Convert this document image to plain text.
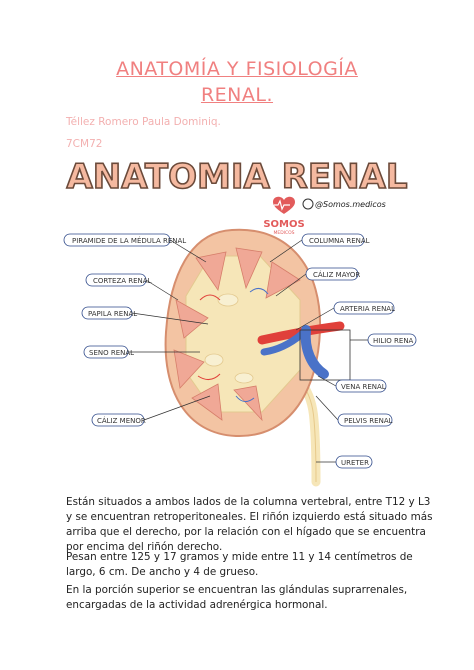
ANATOMÍA Y FISIOLOGÍA
RENAL.
Téllez Romero Paula Dominiq.
7CM72
ANATOMIA RENAL
SOMOS
MEDICOS
@Somos.medicos
PIRAMIDE DE LA MÉDULA RENAL	COLUMNA RENAL
CORTEZA RENAL
CÁLIZ MAYOR
PAPILA RENAL
ARTERIA RENAL
HILIO RENA
SENO RENAL
VENA RENAL
CÁLIZ MENOR	PELVIS RENAL
URETER
Están situados a ambos lados de la columna vertebral, entre T12 y L3
y se encuentran retroperitoneales. El riñón izquierdo está situado más
arriba que el derecho, por la relación con el hígado que se encuentra
por encima del riñón derecho.
Pesan entre 125 y 17 gramos y mide entre 11 y 14 centímetros de
largo, 6 cm. De ancho y 4 de grueso.
En la porción superior se encuentran las glándulas suprarrenales,
encargadas de la actividad adrenérgica hormonal.
